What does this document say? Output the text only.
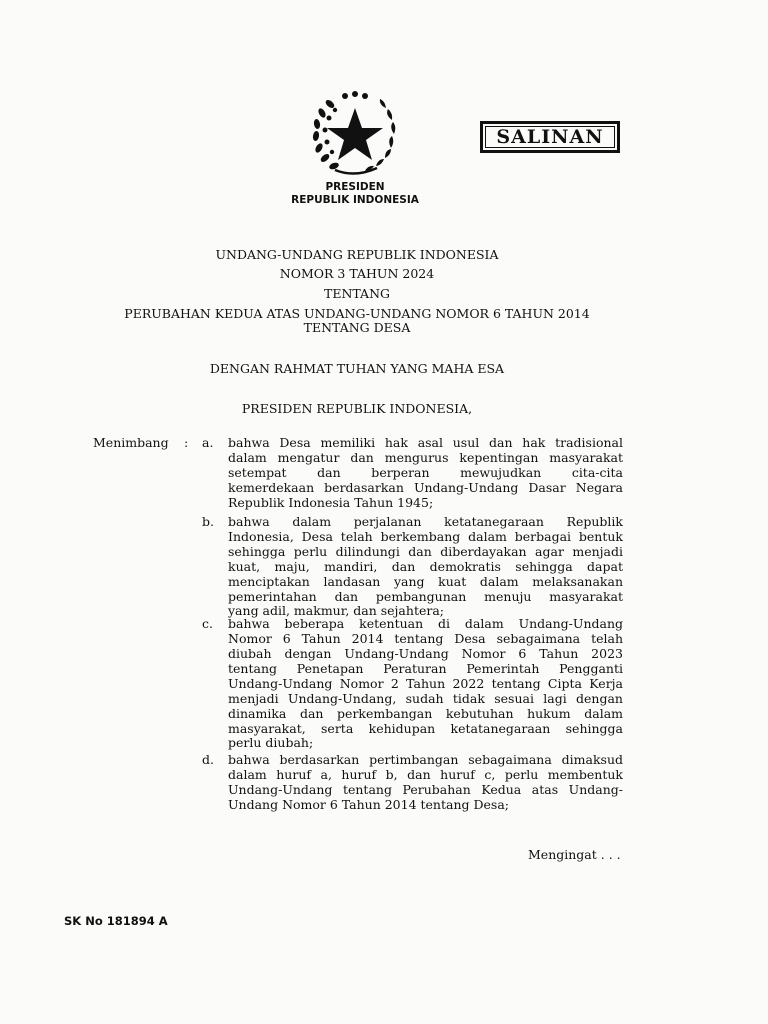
SALINAN
PRESIDEN
REPUBLIK INDONESIA
UNDANG-UNDANG REPUBLIK INDONESIA
NOMOR 3 TAHUN 2024
TENTANG
PERUBAHAN KEDUA ATAS UNDANG-UNDANG NOMOR 6 TAHUN 2014
TENTANG DESA
DENGAN RAHMAT TUHAN YANG MAHA ESA
PRESIDEN REPUBLIK INDONESIA,
Menimbang : a. bahwa Desa memiliki hak asal usul dan hak tradisional
dalam mengatur dan mengurus kepentingan masyarakat
setempat dan berperan mewujudkan cita-cita
kemerdekaan berdasarkan Undang-Undang Dasar Negara
Republik Indonesia Tahun 1945;
b. bahwa dalam perjalanan ketatanegaraan Republik
Indonesia, Desa telah berkembang dalam berbagai bentuk
sehingga perlu dilindungi dan diberdayakan agar menjadi
kuat, maju, mandiri, dan demokratis sehingga dapat
menciptakan landasan yang kuat dalam melaksanakan
pemerintahan dan pembangunan menuju masyarakat
yang adil, makmur, dan sejahtera;
c. bahwa beberapa ketentuan di dalam Undang-Undang
Nomor 6 Tahun 2014 tentang Desa sebagaimana telah
diubah dengan Undang-Undang Nomor 6 Tahun 2023
tentang Penetapan Peraturan Pemerintah Pengganti
Undang-Undang Nomor 2 Tahun 2022 tentang Cipta Kerja
menjadi Undang-Undang, sudah tidak sesuai lagi dengan
dinamika dan perkembangan kebutuhan hukum dalam
masyarakat, serta kehidupan ketatanegaraan sehingga
perlu diubah;
d. bahwa berdasarkan pertimbangan sebagaimana dimaksud
dalam huruf a, huruf b, dan huruf c, perlu membentuk
Undang-Undang tentang Perubahan Kedua atas Undang-
Undang Nomor 6 Tahun 2014 tentang Desa;
Mengingat . . .
SK No 181894 A
